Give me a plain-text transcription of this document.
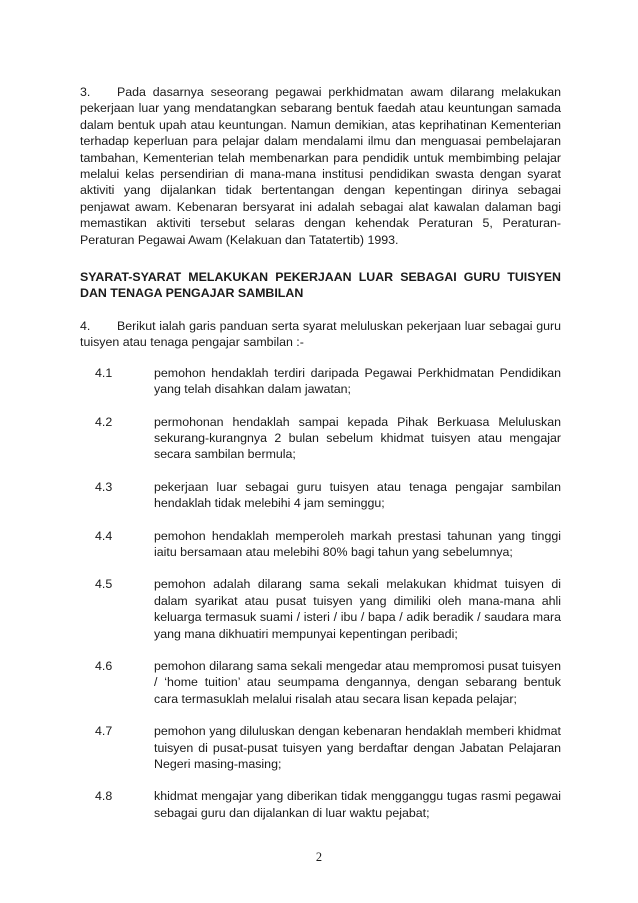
3. Pada dasarnya seseorang pegawai perkhidmatan awam dilarang melakukan pekerjaan luar yang mendatangkan sebarang bentuk faedah atau keuntungan samada dalam bentuk upah atau keuntungan. Namun demikian, atas keprihatinan Kementerian terhadap keperluan para pelajar dalam mendalami ilmu dan menguasai pembelajaran tambahan, Kementerian telah membenarkan para pendidik untuk membimbing pelajar melalui kelas persendirian di mana-mana institusi pendidikan swasta dengan syarat aktiviti yang dijalankan tidak bertentangan dengan kepentingan dirinya sebagai penjawat awam. Kebenaran bersyarat ini adalah sebagai alat kawalan dalaman bagi memastikan aktiviti tersebut selaras dengan kehendak Peraturan 5, Peraturan-Peraturan Pegawai Awam (Kelakuan dan Tatatertib) 1993.

SYARAT-SYARAT MELAKUKAN PEKERJAAN LUAR SEBAGAI GURU TUISYEN DAN TENAGA PENGAJAR SAMBILAN

4. Berikut ialah garis panduan serta syarat meluluskan pekerjaan luar sebagai guru tuisyen atau tenaga pengajar sambilan :-

4.1	pemohon hendaklah terdiri daripada Pegawai Perkhidmatan Pendidikan yang telah disahkan dalam jawatan;
4.2	permohonan hendaklah sampai kepada Pihak Berkuasa Meluluskan sekurang-kurangnya 2 bulan sebelum khidmat tuisyen atau mengajar secara sambilan bermula;
4.3	pekerjaan luar sebagai guru tuisyen atau tenaga pengajar sambilan hendaklah tidak melebihi 4 jam seminggu;
4.4	pemohon hendaklah memperoleh markah prestasi tahunan yang tinggi iaitu bersamaan atau melebihi 80% bagi tahun yang sebelumnya;
4.5	pemohon adalah dilarang sama sekali melakukan khidmat tuisyen di dalam syarikat atau pusat tuisyen yang dimiliki oleh mana-mana ahli keluarga termasuk suami / isteri / ibu / bapa / adik beradik / saudara mara yang mana dikhuatiri mempunyai kepentingan peribadi;
4.6	pemohon dilarang sama sekali mengedar atau mempromosi pusat tuisyen / ‘home tuition’ atau seumpama dengannya, dengan sebarang bentuk cara termasuklah melalui risalah atau secara lisan kepada pelajar;
4.7	pemohon yang diluluskan dengan kebenaran hendaklah memberi khidmat tuisyen di pusat-pusat tuisyen yang berdaftar dengan Jabatan Pelajaran Negeri masing-masing;
4.8	khidmat mengajar yang diberikan tidak mengganggu tugas rasmi pegawai sebagai guru dan dijalankan di luar waktu pejabat;
2
